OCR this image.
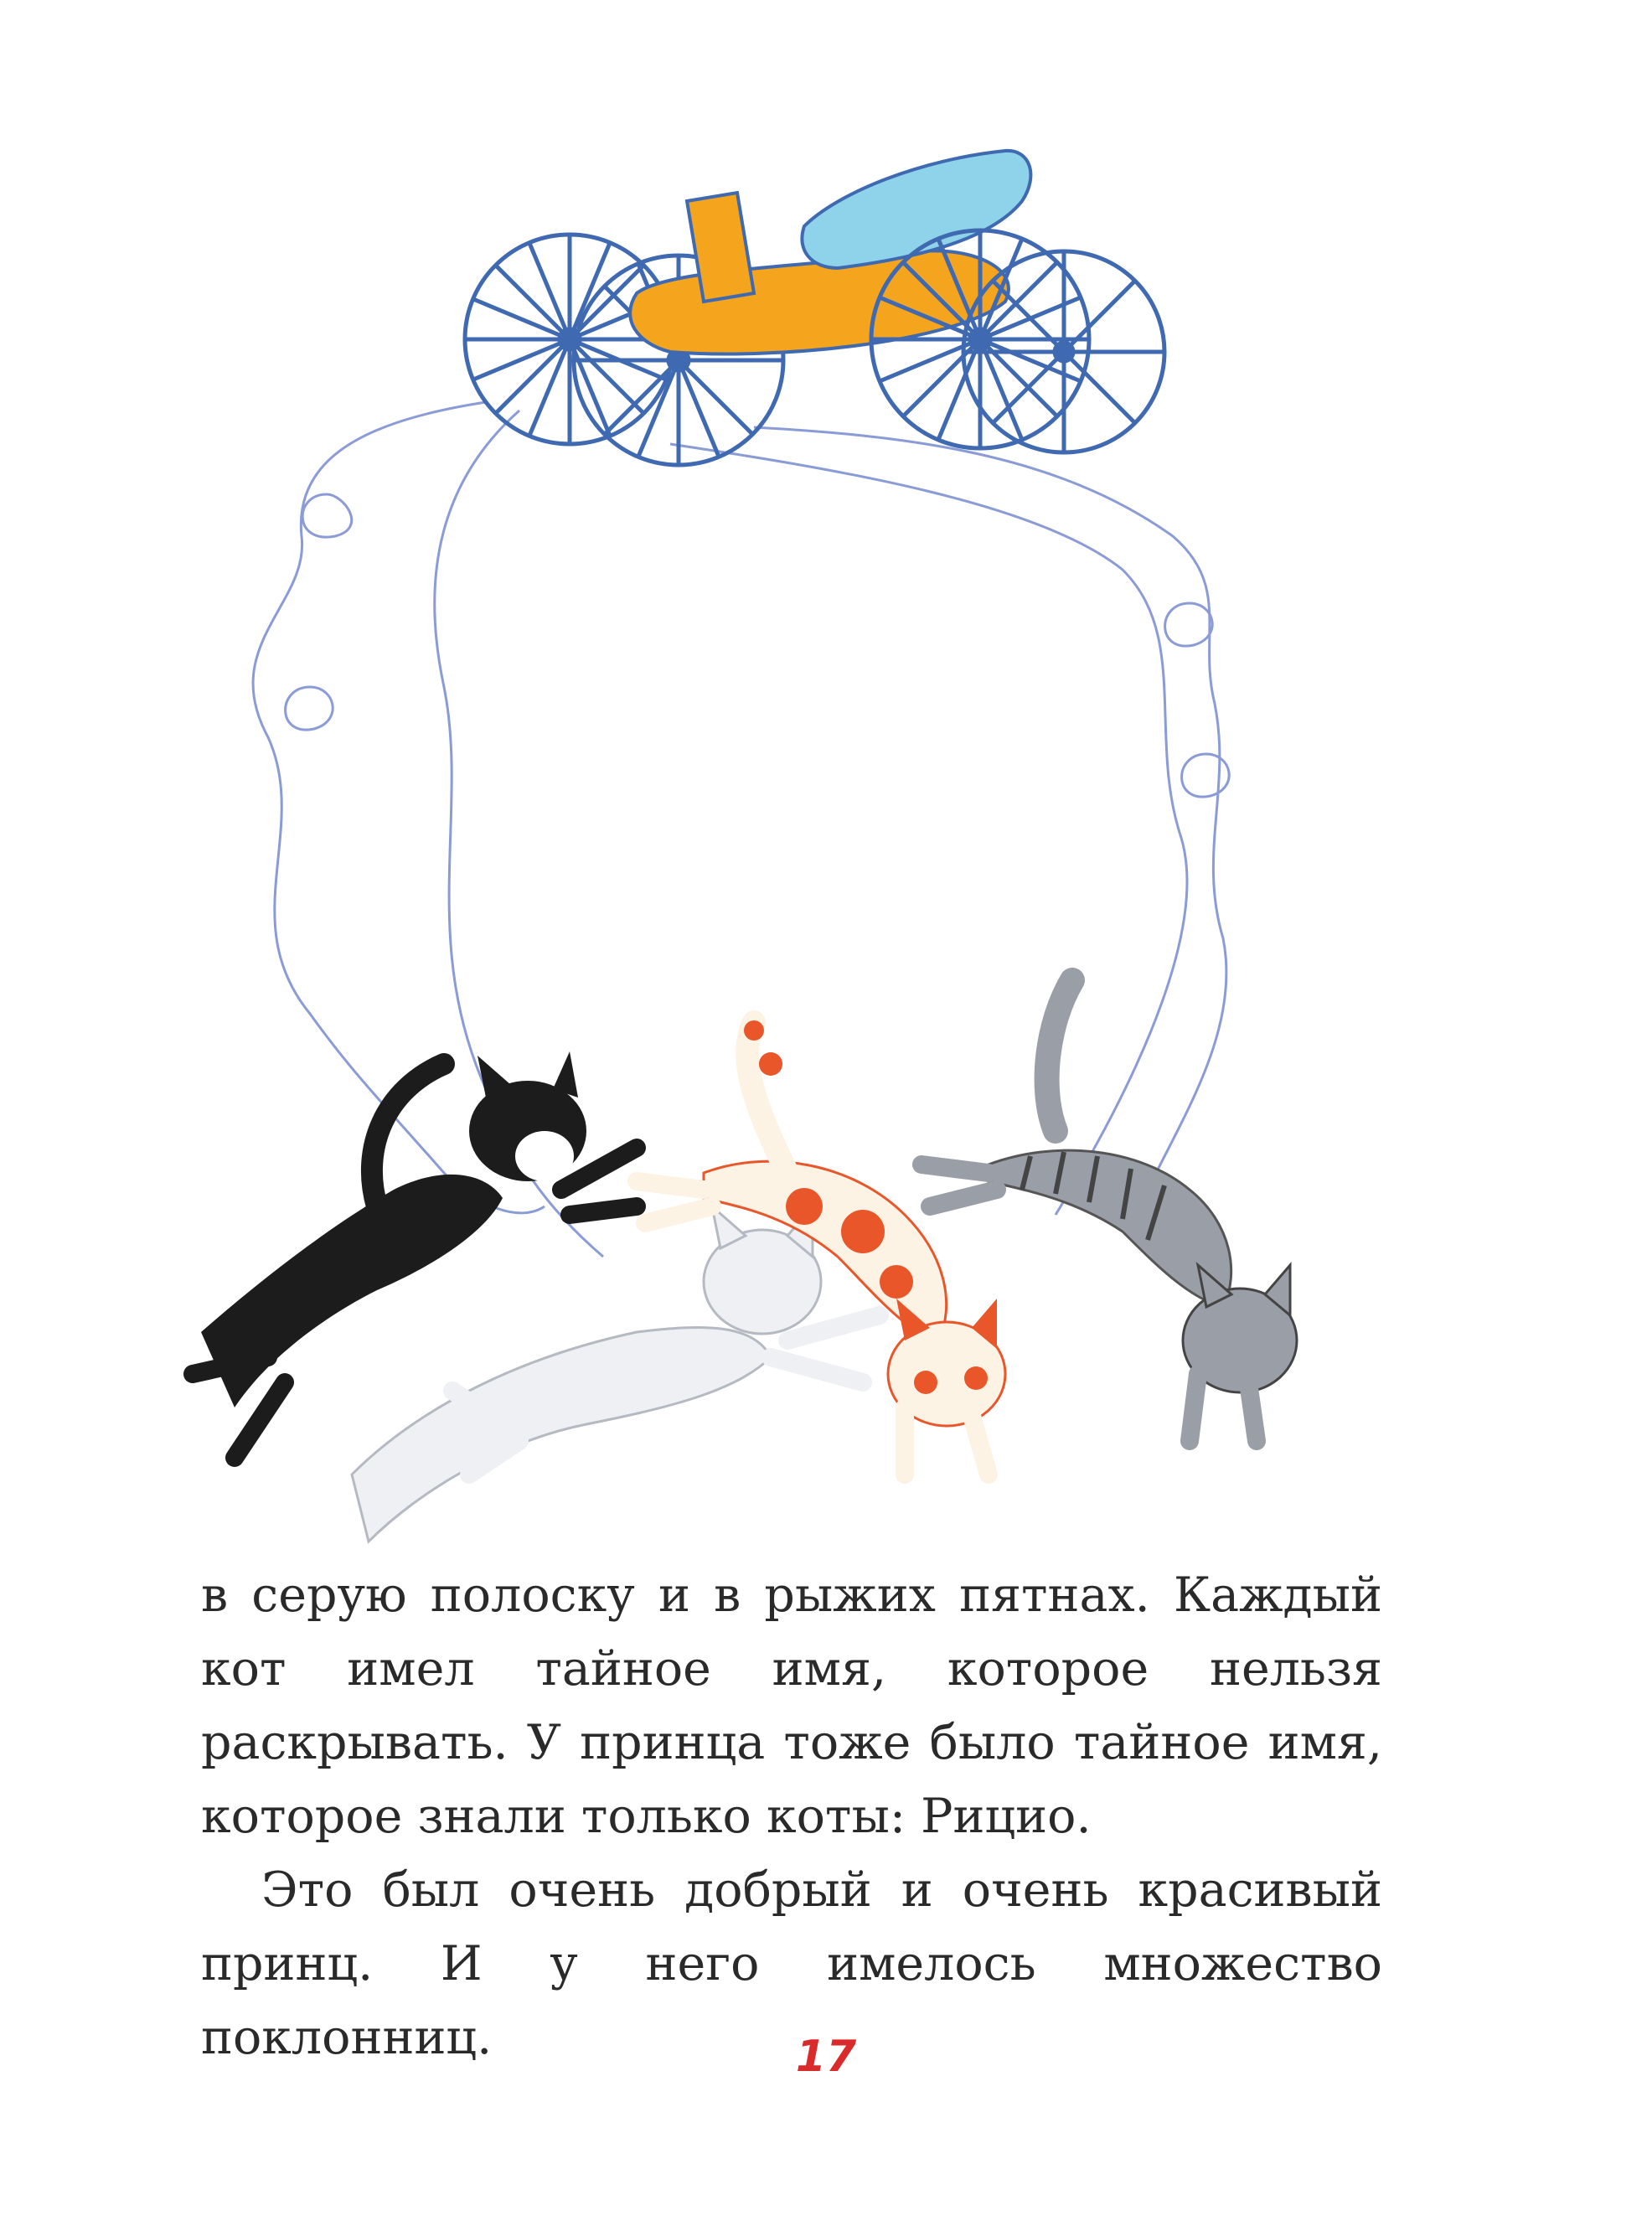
в серую полоску и в рыжих пятнах. Каждый кот имел тайное имя, которое нельзя раскрывать. У принца тоже было тайное имя, которое знали только коты: Рицио.

Это был очень добрый и очень красивый принц. И у него имелось множество поклонниц.	17
